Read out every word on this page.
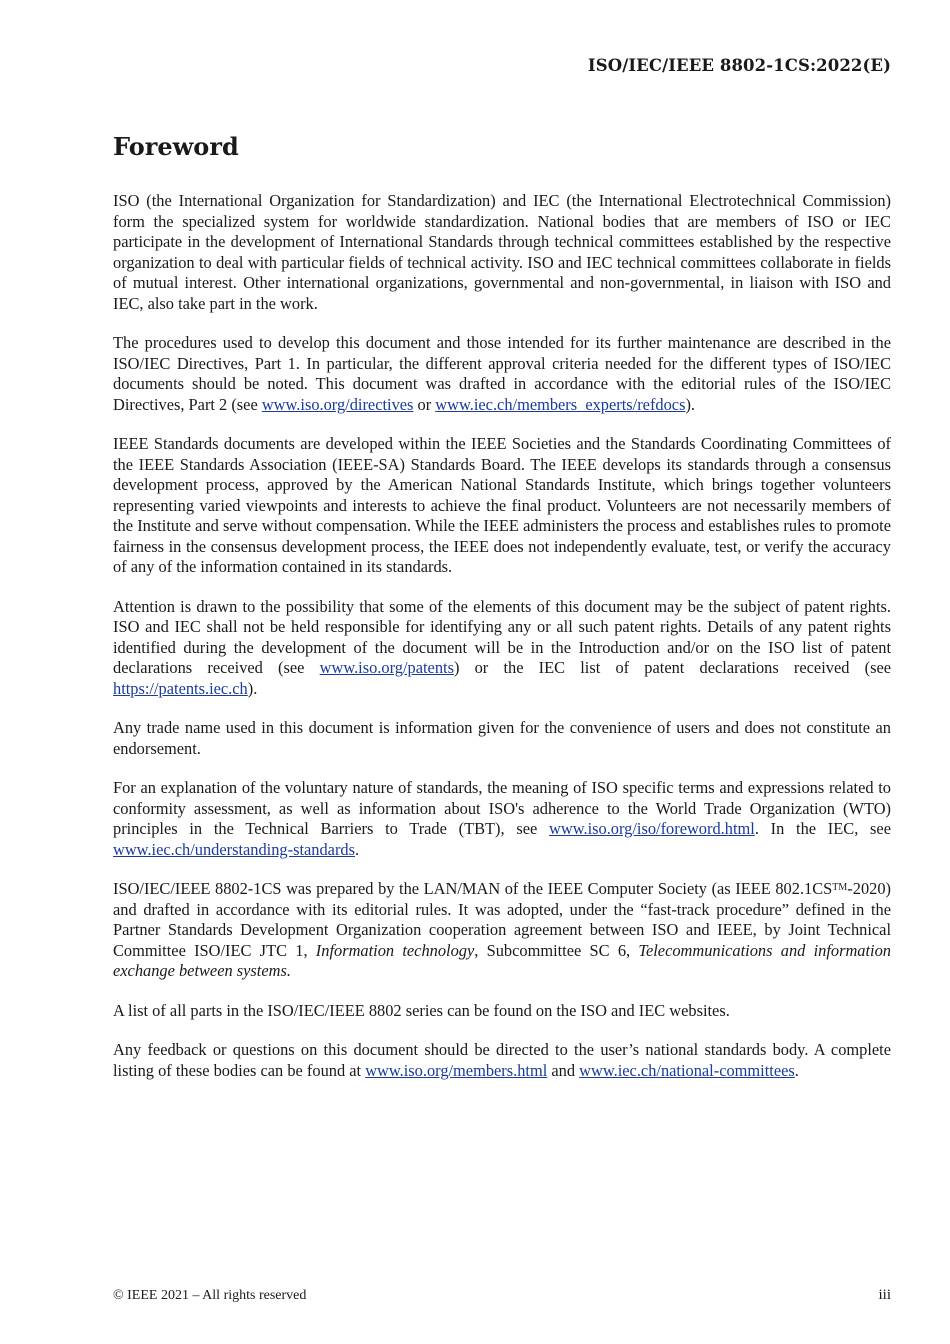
ISO/IEC/IEEE 8802-1CS:2022(E)
Foreword

ISO (the International Organization for Standardization) and IEC (the International Electrotechnical Commission) form the specialized system for worldwide standardization. National bodies that are members of ISO or IEC participate in the development of International Standards through technical committees established by the respective organization to deal with particular fields of technical activity. ISO and IEC technical committees collaborate in fields of mutual interest. Other international organizations, governmental and non-governmental, in liaison with ISO and IEC, also take part in the work.

The procedures used to develop this document and those intended for its further maintenance are described in the ISO/IEC Directives, Part 1. In particular, the different approval criteria needed for the different types of ISO/IEC documents should be noted. This document was drafted in accordance with the editorial rules of the ISO/IEC Directives, Part 2 (see www.iso.org/directives or www.iec.ch/members_experts/refdocs).

IEEE Standards documents are developed within the IEEE Societies and the Standards Coordinating Committees of the IEEE Standards Association (IEEE-SA) Standards Board. The IEEE develops its standards through a consensus development process, approved by the American National Standards Institute, which brings together volunteers representing varied viewpoints and interests to achieve the final product. Volunteers are not necessarily members of the Institute and serve without compensation. While the IEEE administers the process and establishes rules to promote fairness in the consensus development process, the IEEE does not independently evaluate, test, or verify the accuracy of any of the information contained in its standards.

Attention is drawn to the possibility that some of the elements of this document may be the subject of patent rights. ISO and IEC shall not be held responsible for identifying any or all such patent rights. Details of any patent rights identified during the development of the document will be in the Introduction and/or on the ISO list of patent declarations received (see www.iso.org/patents) or the IEC list of patent declarations received (see https://patents.iec.ch).

Any trade name used in this document is information given for the convenience of users and does not constitute an endorsement.

For an explanation of the voluntary nature of standards, the meaning of ISO specific terms and expressions related to conformity assessment, as well as information about ISO's adherence to the World Trade Organization (WTO) principles in the Technical Barriers to Trade (TBT), see www.iso.org/iso/foreword.html. In the IEC, see www.iec.ch/understanding-standards.

ISO/IEC/IEEE 8802-1CS was prepared by the LAN/MAN of the IEEE Computer Society (as IEEE 802.1CS™-2020) and drafted in accordance with its editorial rules. It was adopted, under the “fast-track procedure” defined in the Partner Standards Development Organization cooperation agreement between ISO and IEEE, by Joint Technical Committee ISO/IEC JTC 1, Information technology, Subcommittee SC 6, Telecommunications and information exchange between systems.

A list of all parts in the ISO/IEC/IEEE 8802 series can be found on the ISO and IEC websites.

Any feedback or questions on this document should be directed to the user’s national standards body. A complete listing of these bodies can be found at www.iso.org/members.html and www.iec.ch/national-committees.

© IEEE 2021 – All rights reserved	iii
